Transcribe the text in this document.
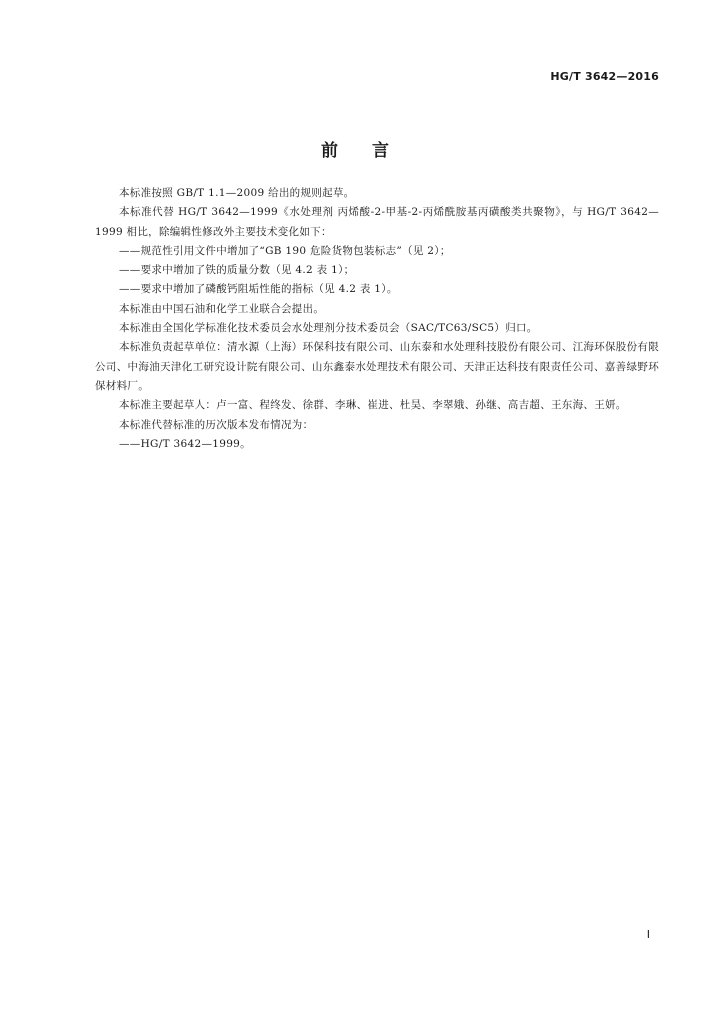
HG/T 3642—2016
前言

本标准按照 GB/T 1.1—2009 给出的规则起草。

本标准代替 HG/T 3642—1999《水处理剂 丙烯酸-2-甲基-2-丙烯酰胺基丙磺酸类共聚物》，与 HG/T 3642—1999 相比，除编辑性修改外主要技术变化如下：

——规范性引用文件中增加了“GB 190 危险货物包装标志”（见 2）；

——要求中增加了铁的质量分数（见 4.2 表 1）；

——要求中增加了磷酸钙阻垢性能的指标（见 4.2 表 1）。

本标准由中国石油和化学工业联合会提出。

本标准由全国化学标准化技术委员会水处理剂分技术委员会（SAC/TC63/SC5）归口。

本标准负责起草单位：清水源（上海）环保科技有限公司、山东泰和水处理科技股份有限公司、江海环保股份有限公司、中海油天津化工研究设计院有限公司、山东鑫泰水处理技术有限公司、天津正达科技有限责任公司、嘉善绿野环保材料厂。

本标准主要起草人：卢一富、程终发、徐群、李琳、崔进、杜昊、李翠娥、孙继、高吉超、王东海、王妍。

本标准代替标准的历次版本发布情况为：

——HG/T 3642—1999。

I
